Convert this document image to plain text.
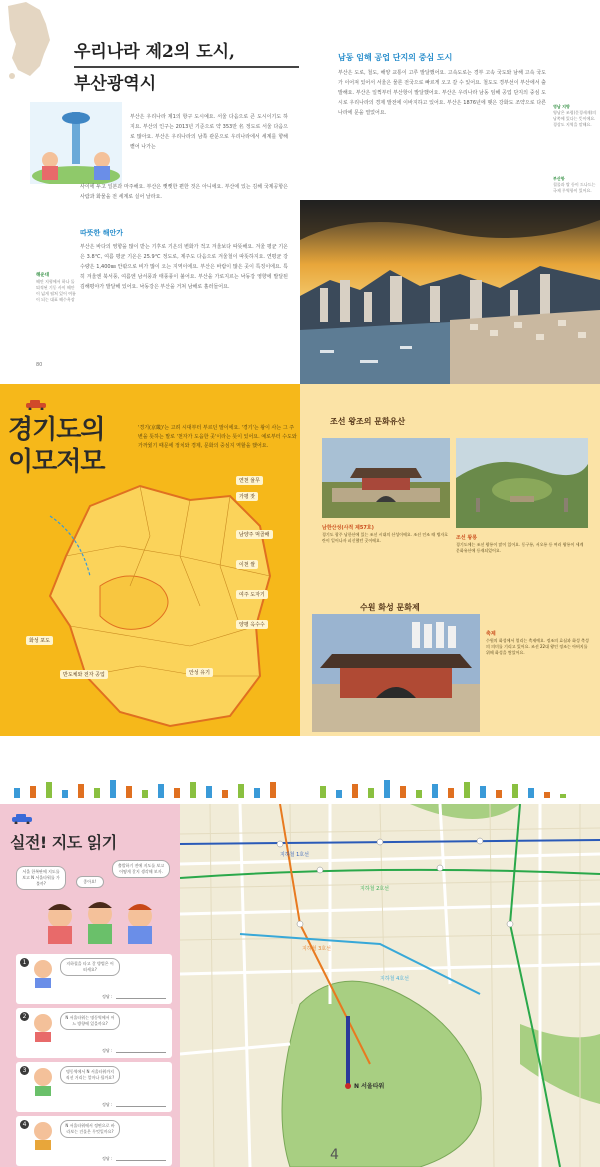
우리나라 제2의 도시,
부산광역시
부산은 우리나라 제1의 항구 도시예요. 서울 다음으로 큰 도시이기도 하지요. 부산의 인구는 2013년 기준으로 약 353만 名 정도로 서울 다음으로 많아요. 부산은 우리나라의 남쪽 관문으로 우리나라에서 세계를 향해 뻗어 나가는
사이에 두고 일본과 마주해요. 부산은 뻣뻣한 편한 것은 아니에요. 부산에 있는 김해 국제공항은 사람과 화물을 전 세계로 실어 날라요.
따뜻한 해안가
부산은 바다의 영향을 많이 받는 기후로 기온의 변화가 적고 겨울보다 따뜻해요. 겨울 평균 기온은 3.8℃, 여름 평균 기온은 25.9℃ 정도로, 제주도 다음으로 겨울철이 따뜻하지요. 연평균 강수량은 1,400㎜ 안팎으로 비가 많이 오는 지역이에요. 부산은 바람이 많은 곳이 특징이에요. 특히 겨울엔 북서풍, 여름엔 남서풍과 태풍풍이 불어요. 부산을 가로지르는 낙동강 영향에 발달된 김해평야가 발달해 있어요. 낙동강은 부산을 거쳐 남해로 흘러들어요.
해운대
해안 지형에서 하나 둘 퇴적된 기둥 사이 해안이 넓게 펼쳐 있어 여름이 되는 대표 해수욕장
80
남동 임해 공업 단지의 중심 도시
부산은 도로, 철도, 해양 교통이 고루 발달했어요. 고속도로는 경부 고속 국도와 남해 고속 국도가 이어져 있어서 서울은 물론 전국으로 빠르게 오고 갈 수 있어요. 철도도 경부선이 부산에서 출발해요. 부산은 일찍부터 부산항이 발달했어요. 부산은 우리나라 남동 임해 공업 단지의 중심 도시로 우리나라의 경제 발전에 이바지하고 있어요. 부산은 1876년에 맺은 강화도 조약으로 다른 나라에 문을 열었어요.
영남 지방
영남은 조령(문경새재)의 남쪽에 있다는 뜻이에요. 경상도 지역을 말해요.
부산항
철물과 쌀 등이 드나드는 국제 무역항이 있어요.
경기도의
이모저모
'경기(京畿)'는 고려 시대부터 부르던 말이에요. '경기'는 왕이 사는 그 주변을 뜻하는 말로 '천자가 도읍한 곳'이라는 뜻이 있어요. 예로부터 수도와 가까웠기 때문에 정치와 경제, 문화의 중심지 역할을 했어요.
가평 잣
이천 쌀
남양주 먹골배
여주 도자기
안성 유기
양평 옥수수
화성 포도
반도체와 전자 공업
연천 율무
조선 왕조의 문화유산
남한산성(사적 제57호)
경기도 광주 남한산에 있는 조선 시대의 산성이에요. 조선 인조 때 병자호란이 일어나자 피신했던 곳이에요.	조선 왕릉
경기도에는 조선 왕릉이 많이 있어요. 동구릉, 서오릉 등 여러 왕릉이 세계 문화유산에 등재되었어요.
수원 화성 문화제
축제
수원의 화성에서 열리는 축제예요. 정조의 효심과 화성 축성의 의미를 기리고 있어요. 조선 22대 왕인 정조는 아버지를 위해 화성을 쌓았어요.
실전! 지도 읽기
서울 한복판에 지도를 보고 N 서울타워를 가 볼까?	좋아요!
출발하기 전에 지도를 보고 어떻게 갈지 생각해 보자.
1	지하철을 타고 갈 방법은 어떠세요?
정답 :
2	N 서울타워는 명동역에서 어느 방향에 있을까요?
정답 :
3	명동역에서 N 서울타워까지 직선 거리는 얼마나 될까요?
정답 :
4	N 서울타워에서 정면으로 바라보는 건물은 무엇일까요?
정답 :
지하철 1호선
지하철 2호선
지하철 3호선
지하철 4호선
N 서울타워
4
